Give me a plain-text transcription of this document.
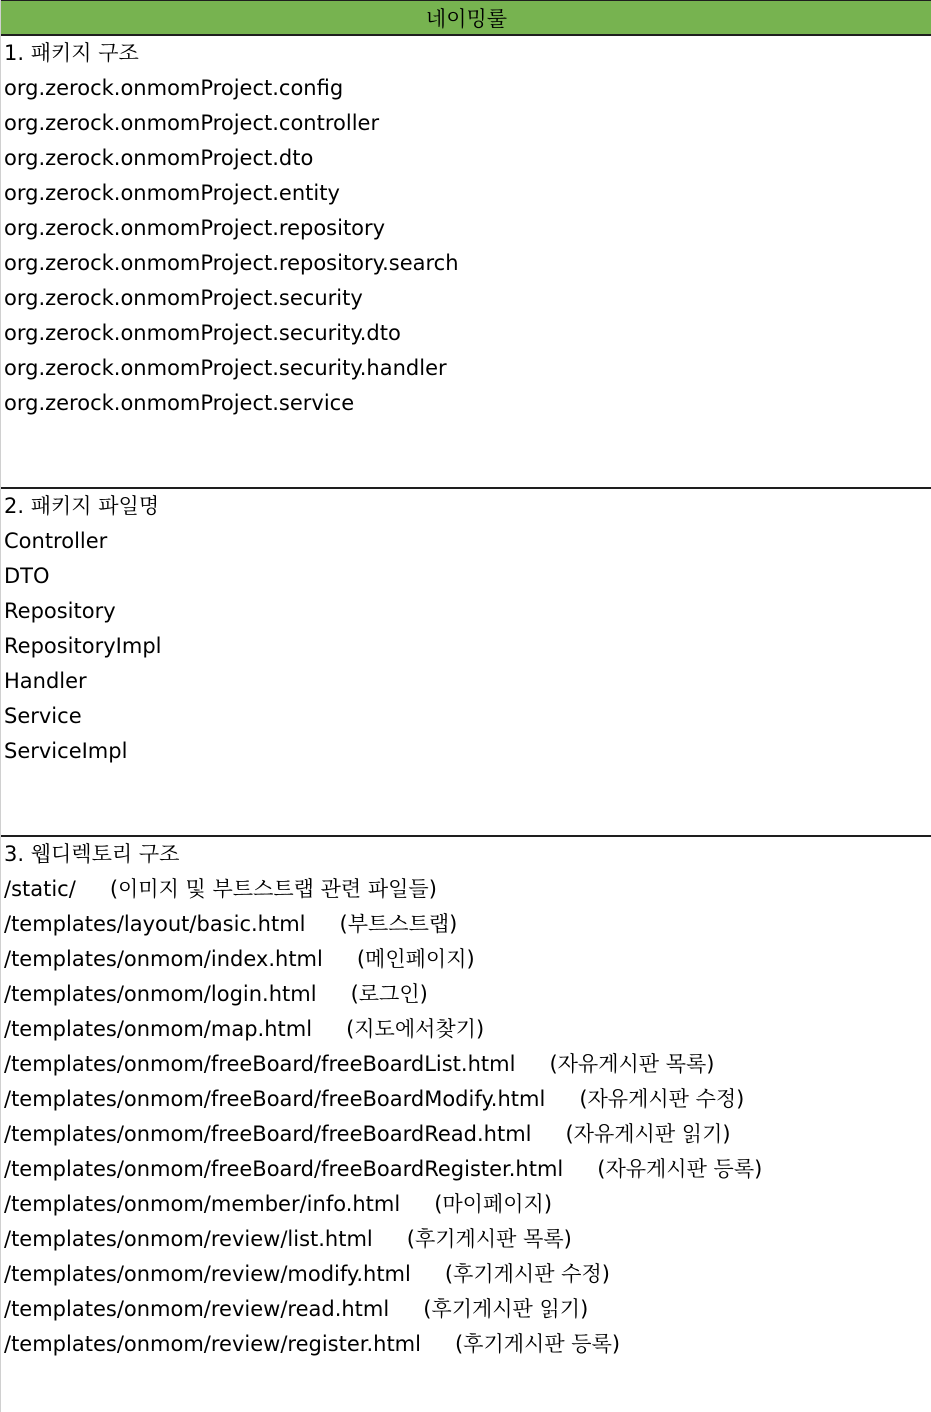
네이밍룰
1. 패키지 구조
org.zerock.onmomProject.config
org.zerock.onmomProject.controller
org.zerock.onmomProject.dto
org.zerock.onmomProject.entity
org.zerock.onmomProject.repository
org.zerock.onmomProject.repository.search
org.zerock.onmomProject.security
org.zerock.onmomProject.security.dto
org.zerock.onmomProject.security.handler
org.zerock.onmomProject.service
2. 패키지 파일명
Controller
DTO
Repository
RepositoryImpl
Handler
Service
ServiceImpl
3. 웹디렉토리 구조
/static/ (이미지 및 부트스트랩 관련 파일들)
/templates/layout/basic.html (부트스트랩)
/templates/onmom/index.html (메인페이지)
/templates/onmom/login.html (로그인)
/templates/onmom/map.html (지도에서찾기)
/templates/onmom/freeBoard/freeBoardList.html (자유게시판 목록)
/templates/onmom/freeBoard/freeBoardModify.html (자유게시판 수정)
/templates/onmom/freeBoard/freeBoardRead.html (자유게시판 읽기)
/templates/onmom/freeBoard/freeBoardRegister.html (자유게시판 등록)
/templates/onmom/member/info.html (마이페이지)
/templates/onmom/review/list.html (후기게시판 목록)
/templates/onmom/review/modify.html (후기게시판 수정)
/templates/onmom/review/read.html (후기게시판 읽기)
/templates/onmom/review/register.html (후기게시판 등록)
